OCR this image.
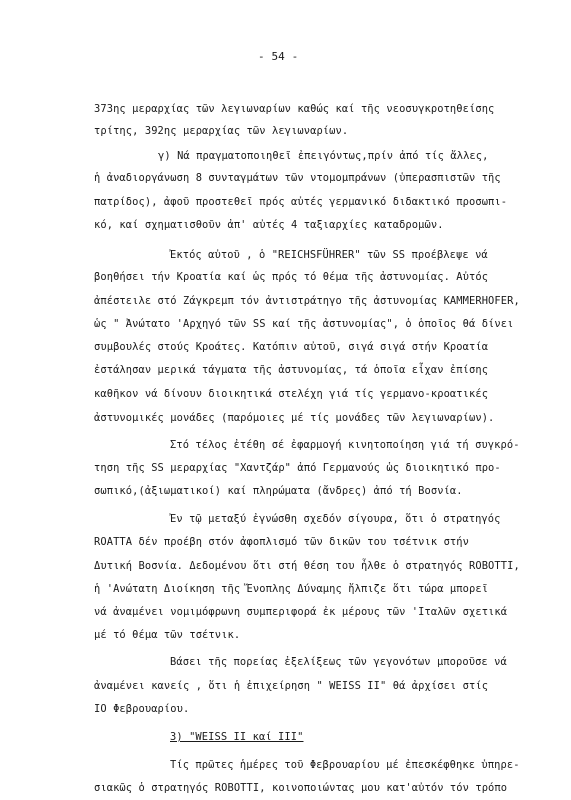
- 54 -
373ης μεραρχίας τῶν λεγιωναρίων καθώς καί τῆς νεοσυγκροτηθείσης
τρίτης, 392ης μεραρχίας τῶν λεγιωναρίων.
γ) Νά πραγματοποιηθεῖ ἐπειγόντως,πρίν ἀπό τίς ἄλλες,
ἡ ἀναδιοργάνωση 8 συνταγμάτων τῶν ντομομπράνων (ὑπερασπιστῶν τῆς
πατρίδος), ἀφοῦ προστεθεῖ πρός αὐτές γερμανικό διδακτικό προσωπι-
κό, καί σχηματισθοῦν ἀπ' αὐτές 4 ταξιαρχίες καταδρομῶν.
Ἐκτός αὐτοῦ , ὁ "REICHSFÜHRER" τῶν SS προέβλεψε νά
βοηθήσει τήν Κροατία καί ὡς πρός τό θέμα τῆς ἀστυνομίας. Αὐτός
ἀπέστειλε στό Ζάγκρεμπ τόν ἀντιστράτηγο τῆς ἀστυνομίας KAMMERHOFER,
ὡς " Ἀνώτατο 'Αρχηγό τῶν SS καί τῆς ἀστυνομίας", ὁ ὁποῖος θά δίνει
συμβουλές στούς Κροάτες. Κατόπιν αὐτοῦ, σιγά σιγά στήν Κροατία
ἐστάλησαν μερικά τάγματα τῆς ἀστυνομίας, τά ὁποῖα εἶχαν ἐπίσης
καθῆκον νά δίνουν διοικητικά στελέχη γιά τίς γερμανο-κροατικές
ἀστυνομικές μονάδες (παρόμοιες μέ τίς μονάδες τῶν λεγιωναρίων).
Στό τέλος ἐτέθη σέ ἐφαρμογή κινητοποίηση γιά τή συγκρό-
τηση τῆς SS μεραρχίας "Χαντζάρ" ἀπό Γερμανούς ὡς διοικητικό προ-
σωπικό,(ἀξιωματικοί) καί πληρώματα (ἄνδρες) ἀπό τή Βοσνία.
Ἐν τῷ μεταξύ ἐγνώσθη σχεδόν σίγουρα, ὅτι ὁ στρατηγός
ROATTA δέν προέβη στόν ἀφοπλισμό τῶν δικῶν του τσέτνικ στήν
Δυτική Βοσνία. Δεδομένου ὅτι στή θέση του ἦλθε ὁ στρατηγός ROBOTTI,
ἡ 'Ανώτατη Διοίκηση τῆς Ἔνοπλης Δύναμης ἤλπιζε ὅτι τώρα μπορεῖ
νά ἀναμένει νομιμόφρωνη συμπεριφορά ἐκ μέρους τῶν 'Ιταλῶν σχετικά
μέ τό θέμα τῶν τσέτνικ.
Βάσει τῆς πορείας ἐξελίξεως τῶν γεγονότων μποροῦσε νά
ἀναμένει κανείς , ὅτι ἡ ἐπιχείρηση " WEISS II" θά ἀρχίσει στίς
ΙΟ Φεβρουαρίου.
3) "WEISS II καί III"
Τίς πρῶτες ἡμέρες τοῦ Φεβρουαρίου μέ ἐπεσκέφθηκε ὑπηρε-
σιακῶς ὁ στρατηγός ROBOTTI, κοινοποιώντας μου κατ'αὐτόν τόν τρόπο
